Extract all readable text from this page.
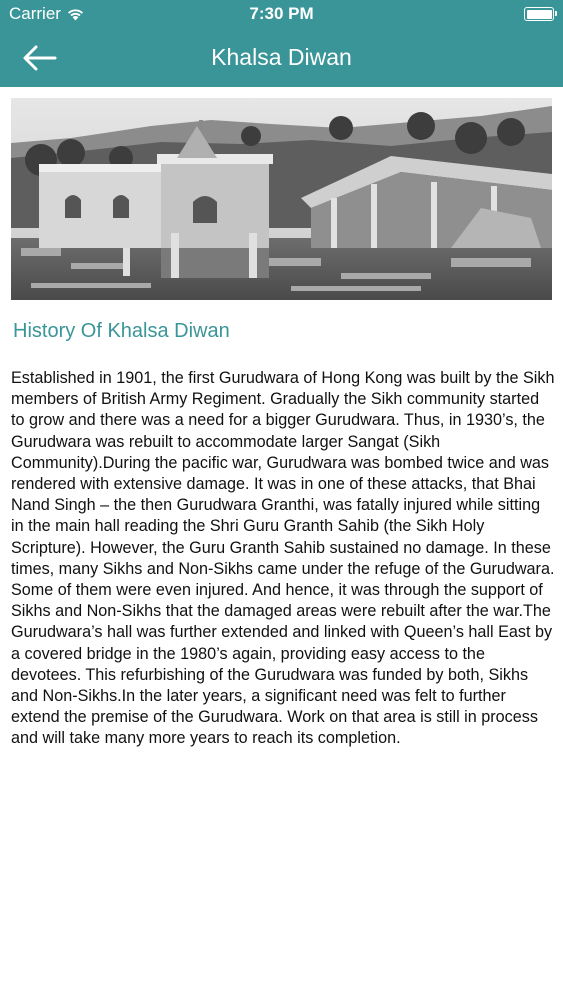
Carrier	7:30 PM
Khalsa Diwan
History Of Khalsa Diwan
Established in 1901, the first Gurudwara of Hong Kong was built by the Sikh members of British Army Regiment. Gradually the Sikh community started to grow and there was a need for a bigger Gurudwara. Thus, in 1930’s, the Gurudwara was rebuilt to accommodate larger Sangat (Sikh Community).During the pacific war, Gurudwara was bombed twice and was rendered with extensive damage. It was in one of these attacks, that Bhai Nand Singh – the then Gurudwara Granthi, was fatally injured while sitting in the main hall reading the Shri Guru Granth Sahib (the Sikh Holy Scripture). However, the Guru Granth Sahib sustained no damage. In these times, many Sikhs and Non-Sikhs came under the refuge of the Gurudwara. Some of them were even injured. And hence, it was through the support of Sikhs and Non-Sikhs that the damaged areas were rebuilt after the war.The Gurudwara’s hall was further extended and linked with Queen’s hall East by a covered bridge in the 1980’s again, providing easy access to the devotees. This refurbishing of the Gurudwara was funded by both, Sikhs and Non-Sikhs.In the later years, a significant need was felt to further extend the premise of the Gurudwara. Work on that area is still in process and will take many more years to reach its completion.
